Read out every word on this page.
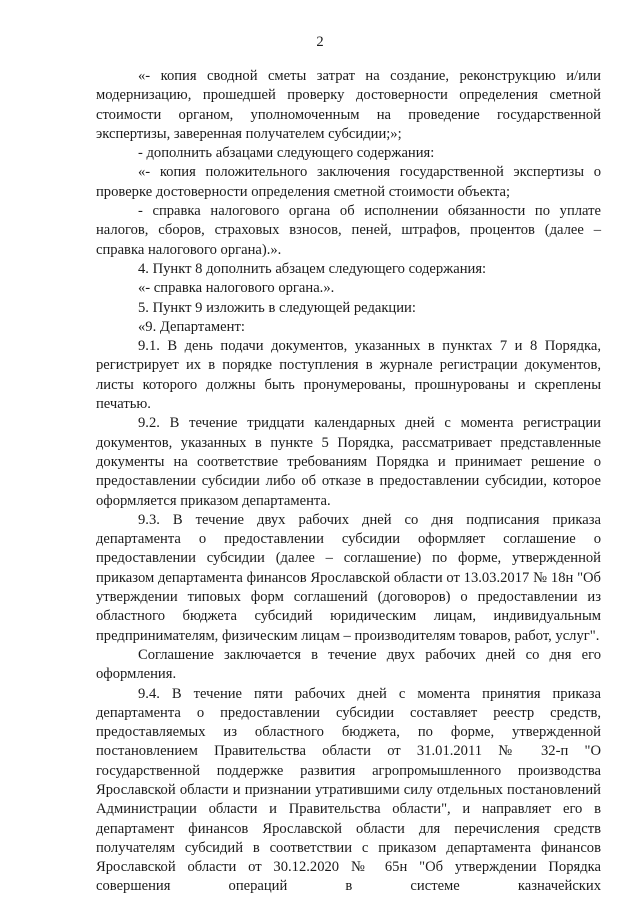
2

«- копия сводной сметы затрат на создание, реконструкцию и/или модернизацию, прошедшей проверку достоверности определения сметной стоимости органом, уполномоченным на проведение государственной экспертизы, заверенная получателем субсидии;»;

- дополнить абзацами следующего содержания:

«- копия положительного заключения государственной экспертизы о проверке достоверности определения сметной стоимости объекта;

- справка налогового органа об исполнении обязанности по уплате налогов, сборов, страховых взносов, пеней, штрафов, процентов (далее – справка налогового органа).».

4. Пункт 8 дополнить абзацем следующего содержания:

«- справка налогового органа.».

5. Пункт 9 изложить в следующей редакции:

«9. Департамент:

9.1. В день подачи документов, указанных в пунктах 7 и 8 Порядка, регистрирует их в порядке поступления в журнале регистрации документов, листы которого должны быть пронумерованы, прошнурованы и скреплены печатью.

9.2. В течение тридцати календарных дней с момента регистрации документов, указанных в пункте 5 Порядка, рассматривает представленные документы на соответствие требованиям Порядка и принимает решение о предоставлении субсидии либо об отказе в предоставлении субсидии, которое оформляется приказом департамента.

9.3. В течение двух рабочих дней со дня подписания приказа департамента о предоставлении субсидии оформляет соглашение о предоставлении субсидии (далее – соглашение) по форме, утвержденной приказом департамента финансов Ярославской области от 13.03.2017 № 18н "Об утверждении типовых форм соглашений (договоров) о предоставлении из областного бюджета субсидий юридическим лицам, индивидуальным предпринимателям, физическим лицам – производителям товаров, работ, услуг".

Соглашение заключается в течение двух рабочих дней со дня его оформления.

9.4. В течение пяти рабочих дней с момента принятия приказа департамента о предоставлении субсидии составляет реестр средств, предоставляемых из областного бюджета, по форме, утвержденной постановлением Правительства области от 31.01.2011 № 32-п "О государственной поддержке развития агропромышленного производства Ярославской области и признании утратившими силу отдельных постановлений Администрации области и Правительства области", и направляет его в департамент финансов Ярославской области для перечисления средств получателям субсидий в соответствии с приказом департамента финансов Ярославской области от 30.12.2020 № 65н "Об утверждении Порядка совершения операций в системе казначейских
